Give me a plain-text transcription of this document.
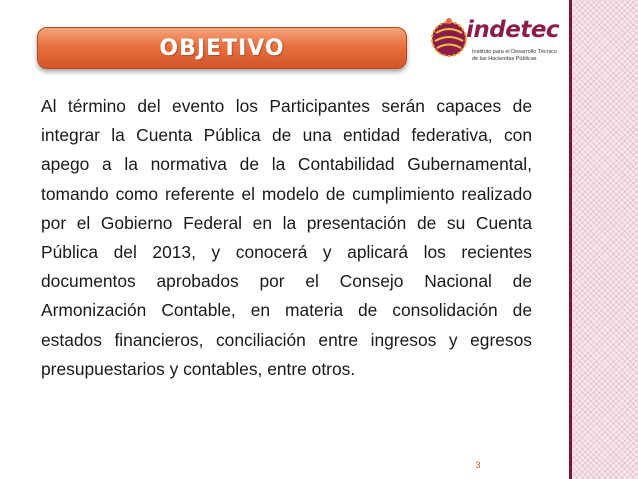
OBJETIVO
indetec
Instituto para el Desarrollo Técnico
de las Haciendas Públicas

Al término del evento los Participantes serán capaces de integrar la Cuenta Pública de una entidad federativa, con apego a la normativa de la Contabilidad Gubernamental, tomando como referente el modelo de cumplimiento realizado por el Gobierno Federal en la presentación de su Cuenta Pública del 2013, y conocerá y aplicará los recientes documentos aprobados por el Consejo Nacional de Armonización Contable, en materia de consolidación de estados financieros, conciliación entre ingresos y egresos presupuestarios y contables, entre otros.

3
